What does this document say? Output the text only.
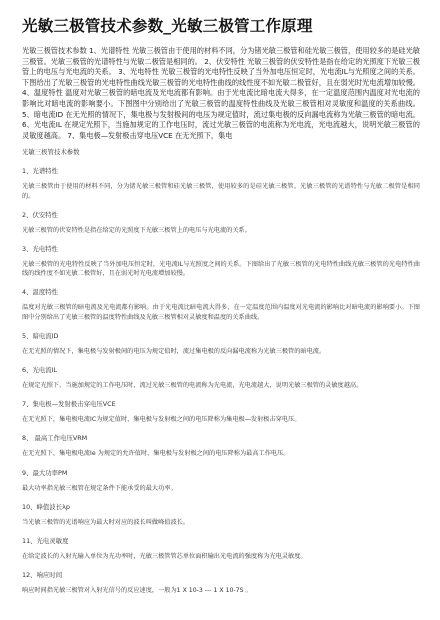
光敏三极管技术参数_光敏三极管工作原理

光敏三极管技术参数 1、光谱特性 光敏三极管由于使用的材料不同，分为锗光敏三极管和硅光敏三极管，使用较多的是硅光敏三极管。光敏三极管的光谱特性与光敏二极管是相同的。 2、伏安特性 光敏三极管的伏安特性是指在给定的光照度下光敏三极管上的电压与光电流的关系。 3、光电特性 光敏三极管的光电特性反映了当外加电压恒定时，光电流IL与光照度之间的关系。下图给出了光敏三极管的光电特性曲线光敏三极管的光电特性曲线的线性度不如光敏二极管好，且在弱光时光电流增加较慢。 4、温度特性 温度对光敏三极管的暗电流及光电流都有影响。由于光电流比暗电流大得多，在一定温度范围内温度对光电流的影响比对暗电流的影响要小。下图图中分别给出了光敏三极管的温度特性曲线及光敏三极管相对灵敏度和温度的关系曲线。 5、暗电流ID 在无光照的情况下，集电极与发射极间的电压为规定值时，流过集电极的反向漏电流称为光敏三极管的暗电流。 6、光电流IL 在规定光照下，当施加规定的工作电压时，流过光敏三极管的电流称为光电流，光电流越大，说明光敏三极管的灵敏度越高。 7、集电极—发射极击穿电压VCE 在无光照下，集电

光敏三极管技术参数
1、光谱特性
光敏三极管由于使用的材料不同，分为锗光敏三极管和硅光敏三极管，使用较多的是硅光敏三极管。光敏三极管的光谱特性与光敏二极管是相同的。
2、伏安特性
光敏三极管的伏安特性是指在给定的光照度下光敏三极管上的电压与光电流的关系。
3、光电特性
光敏三极管的光电特性反映了当外加电压恒定时，光电流IL与光照度之间的关系。下图给出了光敏三极管的光电特性曲线光敏三极管的光电特性曲线的线性度不如光敏二极管好，且在弱光时光电流增加较慢。
4、温度特性
温度对光敏三极管的暗电流及光电流都有影响。由于光电流比暗电流大得多，在一定温度范围内温度对光电流的影响比对暗电流的影响要小。下图图中分别给出了光敏三极管的温度特性曲线及光敏三极管相对灵敏度和温度的关系曲线。
5、暗电流ID
在无光照的情况下，集电极与发射极间的电压为规定值时，流过集电极的反向漏电流称为光敏三极管的暗电流。
6、光电流IL
在规定光照下，当施加规定的工作电压时，流过光敏三极管的电流称为光电流，光电流越大，说明光敏三极管的灵敏度越高。
7、集电极—发射极击穿电压VCE
在无光照下，集电极电流IC为规定值时，集电极与发射极之间的电压降称为集电极—发射极击穿电压。
8、 最高工作电压VRM
在无光照下，集电极电流Ie 为规定的允许值时，集电极与发射极之间的电压降称为最高工作电压。
9、最大功率PM
最大功率指光敏三极管在规定条件下能承受的最大功率。
10、峰值波长λp
当光敏三极管的光谱响应为最大时对应的波长叫做峰值波长。
11、光电灵敏度
在给定波长的入射光输入单位为光功率时，光敏三极管管芯单位面积输出光电流的强度称为光电灵敏度。
12、响应时间
响应时间指光敏三极管对入射光信号的反应速度，一般为1 X 10-3 --- 1 X 10-7S 。
